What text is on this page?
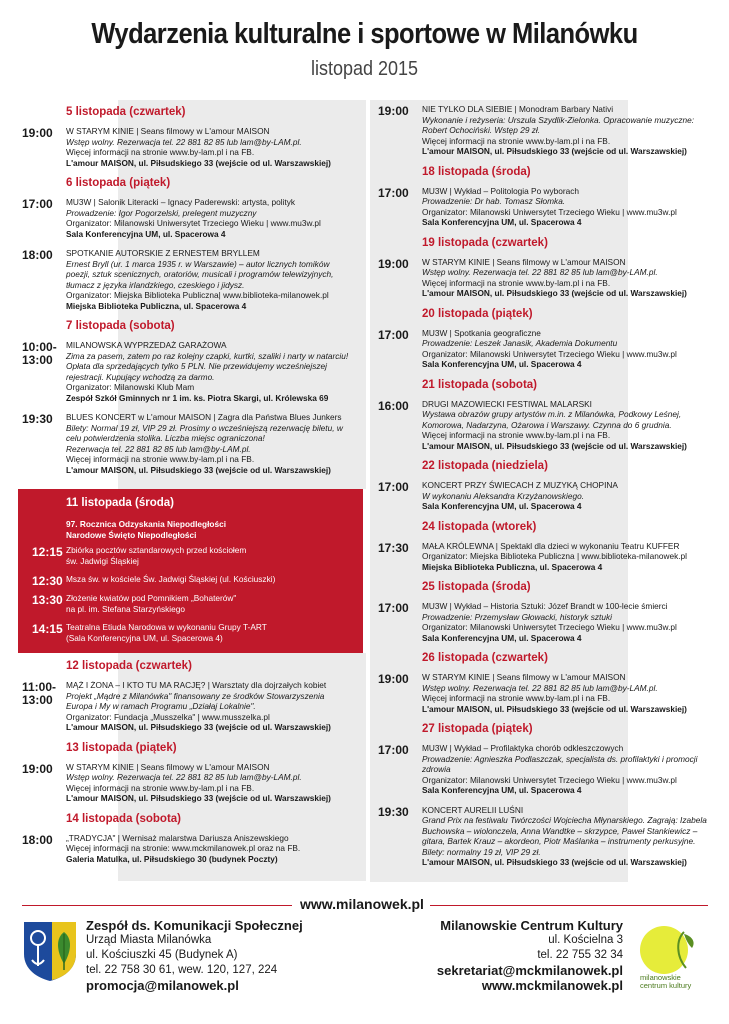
Wydarzenia kulturalne i sportowe w Milanówku
listopad 2015
5 listopada (czwartek)
19:00	W STARYM KINIE | Seans filmowy w L'amour MAISON
Wstęp wolny. Rezerwacja tel. 22 881 82 85 lub lam@by-LAM.pl.
Więcej informacji na stronie www.by-lam.pl i na FB.
L'amour MAISON, ul. Piłsudskiego 33 (wejście od ul. Warszawskiej)
6 listopada (piątek)
17:00	MU3W | Salonik Literacki – Ignacy Paderewski: artysta, polityk
Prowadzenie: Igor Pogorzelski, prelegent muzyczny
Organizator: Milanowski Uniwersytet Trzeciego Wieku | www.mu3w.pl
Sala Konferencyjna UM, ul. Spacerowa 4
18:00	SPOTKANIE AUTORSKIE Z ERNESTEM BRYLLEM
Ernest Bryll (ur. 1 marca 1935 r. w Warszawie) – autor licznych tomików poezji, sztuk scenicznych, oratoriów, musicali i programów telewizyjnych, tłumacz z języka irlandzkiego, czeskiego i jidysz.
Organizator: Miejska Biblioteka Publiczna| www.biblioteka-milanowek.pl
Miejska Biblioteka Publiczna, ul. Spacerowa 4
7 listopada (sobota)
10:00-
13:00
MILANOWSKA WYPRZEDAŻ GARAŻOWA
Zima za pasem, zatem po raz kolejny czapki, kurtki, szaliki i narty w natarciu! Opłata dla sprzedających tylko 5 PLN. Nie przewidujemy wcześniejszej rejestracji. Kupujący wchodzą za darmo.
Organizator: Milanowski Klub Mam
Zespół Szkół Gminnych nr 1 im. ks. Piotra Skargi, ul. Królewska 69
19:30	BLUES KONCERT w L'amour MAISON | Zagra dla Państwa Blues Junkers
Bilety: Normal 19 zł, VIP 29 zł. Prosimy o wcześniejszą rezerwację biletu, w celu potwierdzenia stolika. Liczba miejsc ograniczona!
Rezerwacja tel. 22 881 82 85 lub lam@by-LAM.pl.
Więcej informacji na stronie www.by-lam.pl i na FB.
L'amour MAISON, ul. Piłsudskiego 33 (wejście od ul. Warszawskiej)
11 listopada (środa)
97. Rocznica Odzyskania Niepodległości
Narodowe Święto Niepodległości
12:15 Zbiórka pocztów sztandarowych przed kościołem
św. Jadwigi Śląskiej
12:30 Msza św. w kościele Św. Jadwigi Śląskiej (ul. Kościuszki)
13:30 Złożenie kwiatów pod Pomnikiem „Bohaterów"
na pl. im. Stefana Starzyńskiego
14:15 Teatralna Etiuda Narodowa w wykonaniu Grupy T-ART
(Sala Konferencyjna UM, ul. Spacerowa 4)
12 listopada (czwartek)
11:00-
13:00
MĄŻ I ŻONA – I KTO TU MA RACJĘ? | Warsztaty dla dojrzałych kobiet
Projekt „Mądre z Milanówka" finansowany ze środków Stowarzyszenia Europa i My w ramach Programu „Działaj Lokalnie".
Organizator: Fundacja „Musszelka" | www.musszelka.pl
L'amour MAISON, ul. Piłsudskiego 33 (wejście od ul. Warszawskiej)
13 listopada (piątek)
19:00	W STARYM KINIE | Seans filmowy w L'amour MAISON
Wstęp wolny. Rezerwacja tel. 22 881 82 85 lub lam@by-LAM.pl.
Więcej informacji na stronie www.by-lam.pl i na FB.
L'amour MAISON, ul. Piłsudskiego 33 (wejście od ul. Warszawskiej)
14 listopada (sobota)
18:00	„TRADYCJA" | Wernisaż malarstwa Dariusza Aniszewskiego
Więcej informacji na stronie: www.mckmilanowek.pl oraz na FB.
Galeria Matulka, ul. Piłsudskiego 30 (budynek Poczty)
19:00	NIE TYLKO DLA SIEBIE | Monodram Barbary Nativi
Wykonanie i reżyseria: Urszula Szydlik-Zielonka. Opracowanie muzyczne: Robert Ochociński. Wstęp 29 zł.
Więcej informacji na stronie www.by-lam.pl i na FB.
L'amour MAISON, ul. Piłsudskiego 33 (wejście od ul. Warszawskiej)
18 listopada (środa)
17:00	MU3W | Wykład – Politologia Po wyborach
Prowadzenie: Dr hab. Tomasz Słomka.
Organizator: Milanowski Uniwersytet Trzeciego Wieku | www.mu3w.pl
Sala Konferencyjna UM, ul. Spacerowa 4
19 listopada (czwartek)
19:00	W STARYM KINIE | Seans filmowy w L'amour MAISON
Wstęp wolny. Rezerwacja tel. 22 881 82 85 lub lam@by-LAM.pl.
Więcej informacji na stronie www.by-lam.pl i na FB.
L'amour MAISON, ul. Piłsudskiego 33 (wejście od ul. Warszawskiej)
20 listopada (piątek)
17:00	MU3W | Spotkania geograficzne
Prowadzenie: Leszek Janasik, Akademia Dokumentu
Organizator: Milanowski Uniwersytet Trzeciego Wieku | www.mu3w.pl
Sala Konferencyjna UM, ul. Spacerowa 4
21 listopada (sobota)
16:00	DRUGI MAZOWIECKI FESTIWAL MALARSKI
Wystawa obrazów grupy artystów m.in. z Milanówka, Podkowy Leśnej, Komorowa, Nadarzyna, Ożarowa i Warszawy. Czynna do 6 grudnia.
Więcej informacji na stronie www.by-lam.pl i na FB.
L'amour MAISON, ul. Piłsudskiego 33 (wejście od ul. Warszawskiej)
22 listopada (niedziela)
17:00	KONCERT PRZY ŚWIECACH Z MUZYKĄ CHOPINA
W wykonaniu Aleksandra Krzyżanowskiego.
Sala Konferencyjna UM, ul. Spacerowa 4
24 listopada (wtorek)
17:30	MAŁA KRÓLEWNA | Spektakl dla dzieci w wykonaniu Teatru KUFFER
Organizator: Miejska Biblioteka Publiczna | www.biblioteka-milanowek.pl
Miejska Biblioteka Publiczna, ul. Spacerowa 4
25 listopada (środa)
17:00	MU3W | Wykład – Historia Sztuki: Józef Brandt w 100-lecie śmierci
Prowadzenie: Przemysław Głowacki, historyk sztuki
Organizator: Milanowski Uniwersytet Trzeciego Wieku | www.mu3w.pl
Sala Konferencyjna UM, ul. Spacerowa 4
26 listopada (czwartek)
19:00	W STARYM KINIE | Seans filmowy w L'amour MAISON
Wstęp wolny. Rezerwacja tel. 22 881 82 85 lub lam@by-LAM.pl.
Więcej informacji na stronie www.by-lam.pl i na FB.
L'amour MAISON, ul. Piłsudskiego 33 (wejście od ul. Warszawskiej)
27 listopada (piątek)
17:00	MU3W | Wykład – Profilaktyka chorób odkleszczowych
Prowadzenie: Agnieszka Podlaszczak, specjalista ds. profilaktyki i promocji zdrowia
Organizator: Milanowski Uniwersytet Trzeciego Wieku | www.mu3w.pl
Sala Konferencyjna UM, ul. Spacerowa 4
19:30	KONCERT AURELII LUŚNI
Grand Prix na festiwalu Twórczości Wojciecha Młynarskiego. Zagrają: Izabela Buchowska – wiolonczela, Anna Wandtke – skrzypce, Paweł Stankiewicz – gitara, Bartek Krauz – akordeon, Piotr Maślanka – instrumenty perkusyjne. Bilety: normalny 19 zł, VIP 29 zł.
L'amour MAISON, ul. Piłsudskiego 33 (wejście od ul. Warszawskiej)
www.milanowek.pl
Zespół ds. Komunikacji Społecznej
Urząd Miasta Milanówka
ul. Kościuszki 45 (Budynek A)
tel. 22 758 30 61, wew. 120, 127, 224
promocja@milanowek.pl
Milanowskie Centrum Kultury
ul. Kościelna 3
tel. 22 755 32 34
sekretariat@mckmilanowek.pl
www.mckmilanowek.pl
milanowskie
centrum kultury
